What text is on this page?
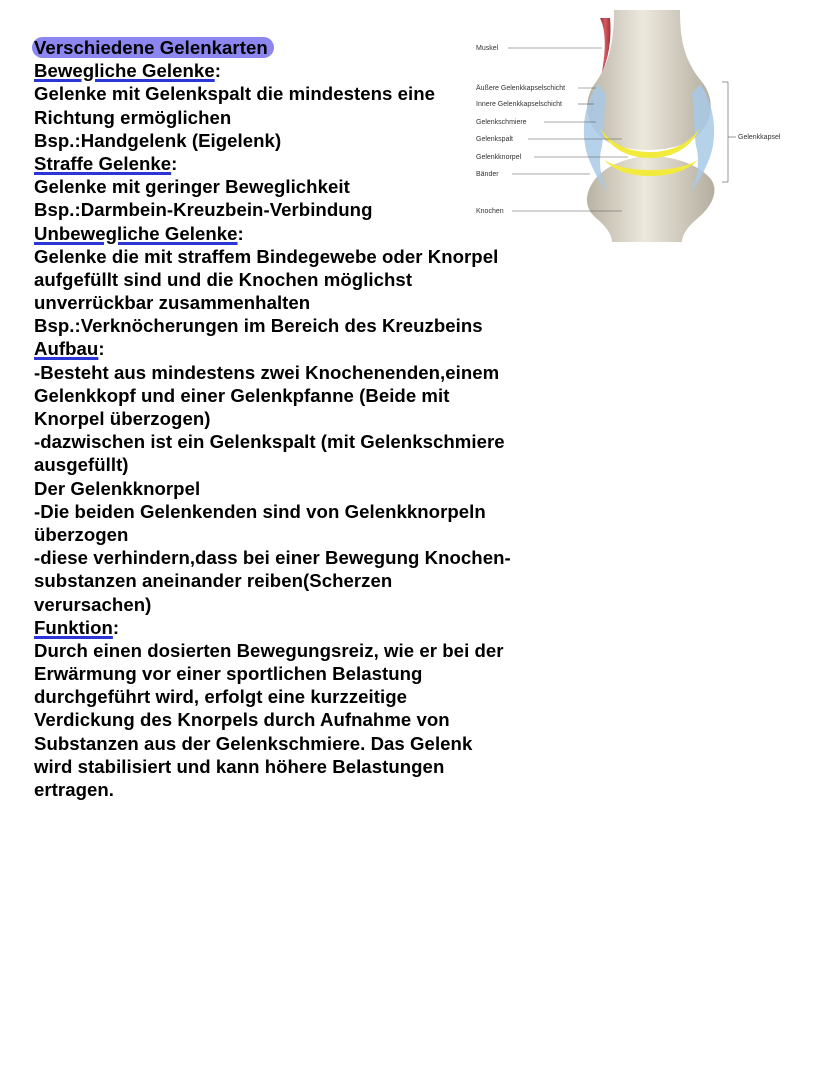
Verschiedene Gelenkarten
Bewegliche Gelenke:
Gelenke mit Gelenkspalt die mindestens eine
Richtung ermöglichen
Bsp.:Handgelenk (Eigelenk)
Straffe Gelenke:
Gelenke mit geringer Beweglichkeit
Bsp.:Darmbein-Kreuzbein-Verbindung
Unbewegliche Gelenke:
Gelenke die mit straffem Bindegewebe oder Knorpel
aufgefüllt sind und die Knochen möglichst
unverrückbar zusammenhalten
Bsp.:Verknöcherungen im Bereich des Kreuzbeins
Aufbau:
-Besteht aus mindestens zwei Knochenenden,einem
Gelenkkopf und einer Gelenkpfanne (Beide mit
Knorpel überzogen)
-dazwischen ist ein Gelenkspalt (mit Gelenkschmiere
ausgefüllt)
Der Gelenkknorpel
-Die beiden Gelenkenden sind von Gelenkknorpeln
überzogen
-diese verhindern,dass bei einer Bewegung Knochen-
substanzen aneinander reiben(Scherzen
verursachen)
Funktion:
Durch einen dosierten Bewegungsreiz, wie er bei der
Erwärmung vor einer sportlichen Belastung
durchgeführt wird, erfolgt eine kurzzeitige
Verdickung des Knorpels durch Aufnahme von
Substanzen aus der Gelenkschmiere. Das Gelenk
wird stabilisiert und kann höhere Belastungen
ertragen.
Muskel
Äußere Gelenkkapselschicht
Innere Gelenkkapselschicht
Gelenkschmiere
Gelenkspalt
Gelenkknorpel
Bänder
Knochen
Gelenkkapsel
